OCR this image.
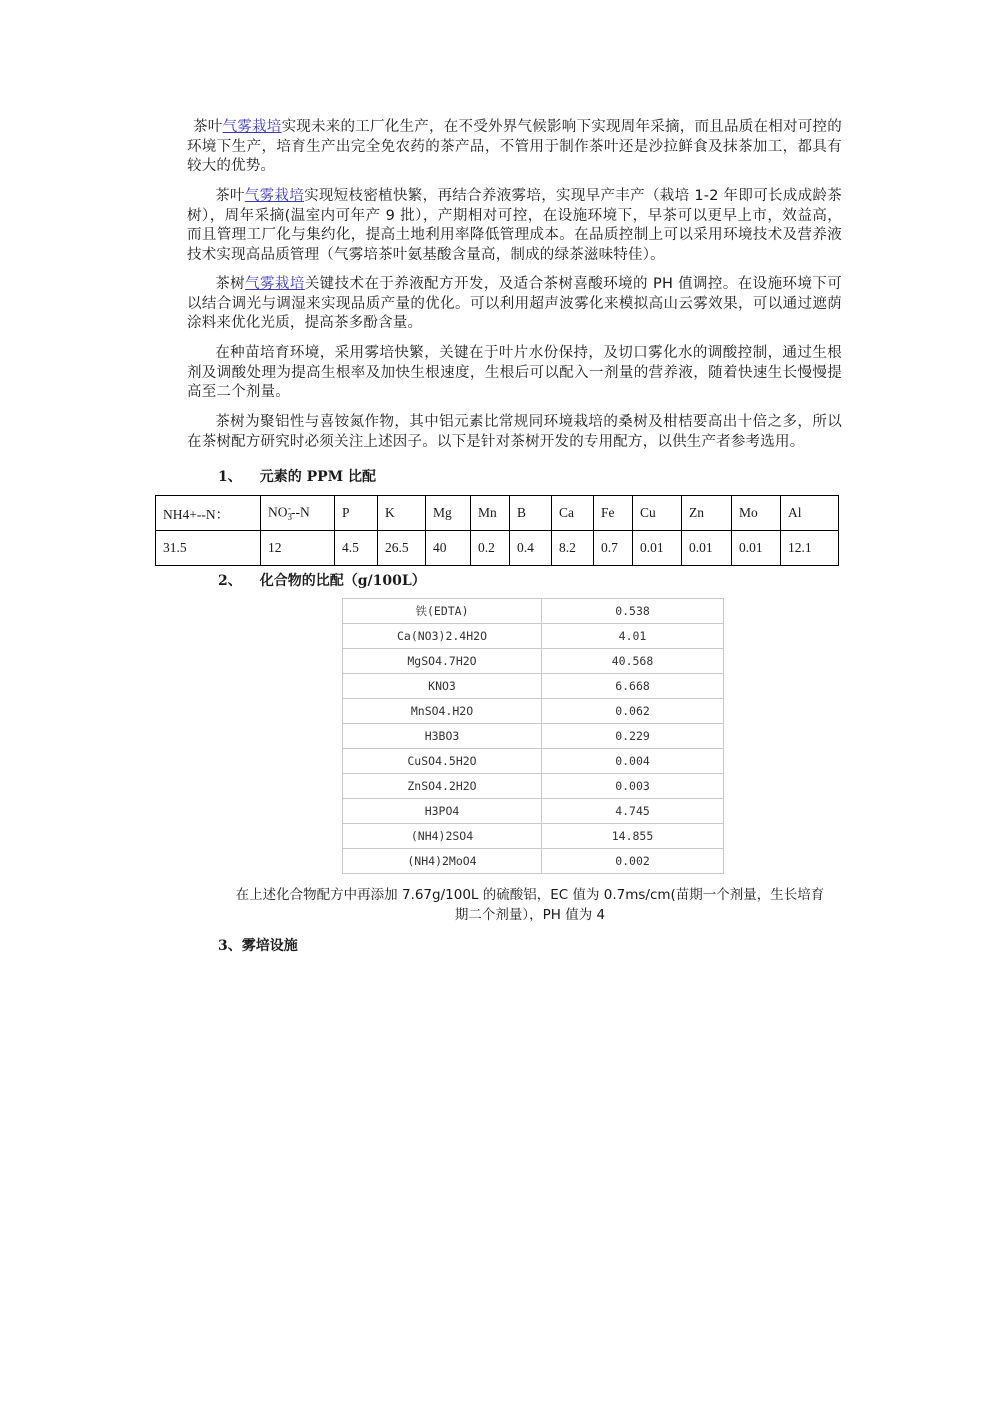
茶叶气雾栽培实现未来的工厂化生产，在不受外界气候影响下实现周年采摘，而且品质在相对可控的环境下生产，培育生产出完全免农药的茶产品，不管用于制作茶叶还是沙拉鲜食及抹茶加工，都具有较大的优势。
茶叶气雾栽培实现短枝密植快繁，再结合养液雾培，实现早产丰产（栽培 1-2 年即可长成成龄茶树），周年采摘(温室内可年产 9 批），产期相对可控，在设施环境下，早茶可以更早上市，效益高，而且管理工厂化与集约化，提高土地利用率降低管理成本。在品质控制上可以采用环境技术及营养液技术实现高品质管理（气雾培茶叶氨基酸含量高，制成的绿茶滋味特佳）。
茶树气雾栽培关键技术在于养液配方开发，及适合茶树喜酸环境的 PH 值调控。在设施环境下可以结合调光与调湿来实现品质产量的优化。可以利用超声波雾化来模拟高山云雾效果，可以通过遮荫涂料来优化光质，提高茶多酚含量。
在种苗培育环境，采用雾培快繁，关键在于叶片水份保持，及切口雾化水的调酸控制，通过生根剂及调酸处理为提高生根率及加快生根速度，生根后可以配入一剂量的营养液，随着快速生长慢慢提高至二个剂量。
茶树为聚铝性与喜铵氮作物，其中铝元素比常规同环境栽培的桑树及柑桔要高出十倍之多，所以在茶树配方研究时必须关注上述因子。以下是针对茶树开发的专用配方，以供生产者参考选用。
1、 元素的 PPM 比配
NH4+--N：	$NO_3^---N$	P	K	Mg	Mn	B	Ca	Fe	Cu	Zn	Mo	Al
31.5	12	4.5	26.5	40	0.2	0.4	8.2	0.7	0.01	0.01	0.01	12.1
2、 化合物的比配（g/100L）
铁(EDTA)	0.538
Ca(NO3)2.4H2O	4.01
MgSO4.7H2O	40.568
KNO3	6.668
MnSO4.H2O	0.062
H3BO3	0.229
CuSO4.5H2O	0.004
ZnSO4.2H2O	0.003
H3PO4	4.745
(NH4)2SO4	14.855
(NH4)2MoO4	0.002
在上述化合物配方中再添加 7.67g/100L 的硫酸铝，EC 值为 0.7ms/cm(苗期一个剂量，生长培育
期二个剂量），PH 值为 4
3、雾培设施
